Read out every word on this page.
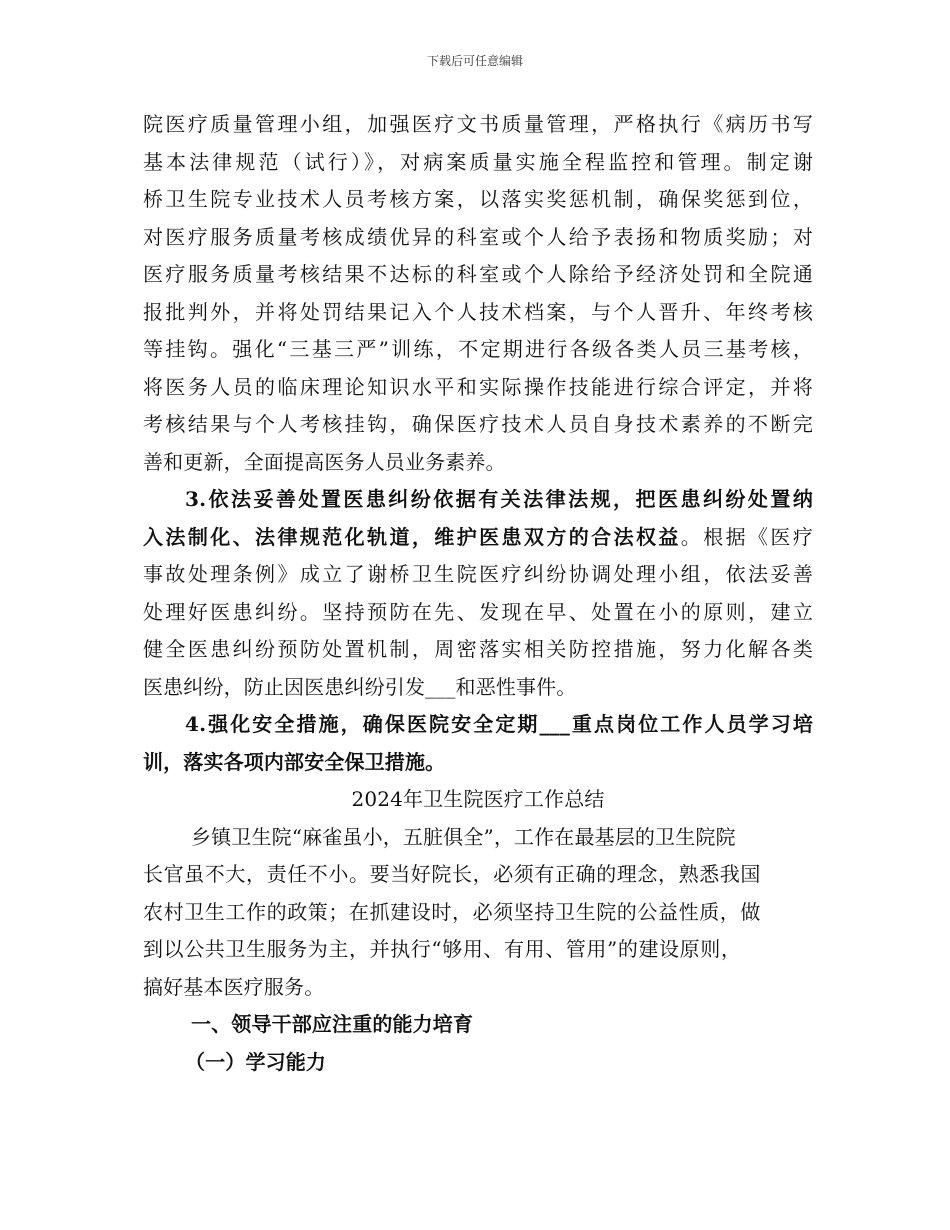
下载后可任意编辑
院医疗质量管理小组，加强医疗文书质量管理，严格执行《病历书写
基本法律规范（试行）》，对病案质量实施全程监控和管理。制定谢
桥卫生院专业技术人员考核方案，以落实奖惩机制，确保奖惩到位，
对医疗服务质量考核成绩优异的科室或个人给予表扬和物质奖励；对
医疗服务质量考核结果不达标的科室或个人除给予经济处罚和全院通
报批判外，并将处罚结果记入个人技术档案，与个人晋升、年终考核
等挂钩。强化“三基三严”训练，不定期进行各级各类人员三基考核，
将医务人员的临床理论知识水平和实际操作技能进行综合评定，并将
考核结果与个人考核挂钩，确保医疗技术人员自身技术素养的不断完
善和更新，全面提高医务人员业务素养。
3.依法妥善处置医患纠纷依据有关法律法规，把医患纠纷处置纳
入法制化、法律规范化轨道，维护医患双方的合法权益。根据《医疗
事故处理条例》成立了谢桥卫生院医疗纠纷协调处理小组，依法妥善
处理好医患纠纷。坚持预防在先、发现在早、处置在小的原则，建立
健全医患纠纷预防处置机制，周密落实相关防控措施，努力化解各类
医患纠纷，防止因医患纠纷引发___和恶性事件。
4.强化安全措施，确保医院安全定期___重点岗位工作人员学习培
训，落实各项内部安全保卫措施。
2024年卫生院医疗工作总结
乡镇卫生院“麻雀虽小，五脏俱全”，工作在最基层的卫生院院
长官虽不大，责任不小。要当好院长，必须有正确的理念，熟悉我国
农村卫生工作的政策；在抓建设时，必须坚持卫生院的公益性质，做
到以公共卫生服务为主，并执行“够用、有用、管用”的建设原则，
搞好基本医疗服务。
一、领导干部应注重的能力培育
（一）学习能力
